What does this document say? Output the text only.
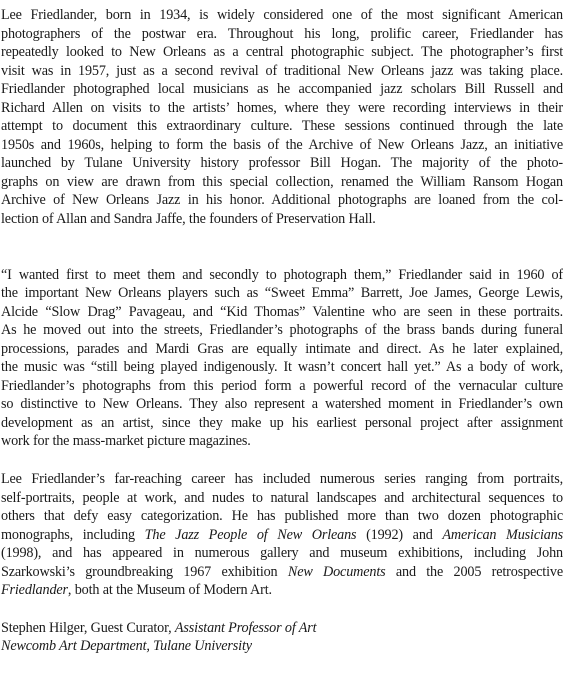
Lee Friedlander, born in 1934, is widely considered one of the most significant American
photographers of the postwar era. Throughout his long, prolific career, Friedlander has
repeatedly looked to New Orleans as a central photographic subject. The photographer’s first
visit was in 1957, just as a second revival of traditional New Orleans jazz was taking place.
Friedlander photographed local musicians as he accompanied jazz scholars Bill Russell and
Richard Allen on visits to the artists’ homes, where they were recording interviews in their
attempt to document this extraordinary culture. These sessions continued through the late
1950s and 1960s, helping to form the basis of the Archive of New Orleans Jazz, an initiative
launched by Tulane University history professor Bill Hogan. The majority of the photo-
graphs on view are drawn from this special collection, renamed the William Ransom Hogan
Archive of New Orleans Jazz in his honor. Additional photographs are loaned from the col-
lection of Allan and Sandra Jaffe, the founders of Preservation Hall.
“I wanted first to meet them and secondly to photograph them,” Friedlander said in 1960 of
the important New Orleans players such as “Sweet Emma” Barrett, Joe James, George Lewis,
Alcide “Slow Drag” Pavageau, and “Kid Thomas” Valentine who are seen in these portraits.
As he moved out into the streets, Friedlander’s photographs of the brass bands during funeral
processions, parades and Mardi Gras are equally intimate and direct. As he later explained,
the music was “still being played indigenously. It wasn’t concert hall yet.” As a body of work,
Friedlander’s photographs from this period form a powerful record of the vernacular culture
so distinctive to New Orleans. They also represent a watershed moment in Friedlander’s own
development as an artist, since they make up his earliest personal project after assignment
work for the mass-market picture magazines.
Lee Friedlander’s far-reaching career has included numerous series ranging from portraits,
self-portraits, people at work, and nudes to natural landscapes and architectural sequences to
others that defy easy categorization. He has published more than two dozen photographic
monographs, including The Jazz People of New Orleans (1992) and American Musicians
(1998), and has appeared in numerous gallery and museum exhibitions, including John
Szarkowski’s groundbreaking 1967 exhibition New Documents and the 2005 retrospective
Friedlander, both at the Museum of Modern Art.
Stephen Hilger, Guest Curator, Assistant Professor of Art
Newcomb Art Department, Tulane University
